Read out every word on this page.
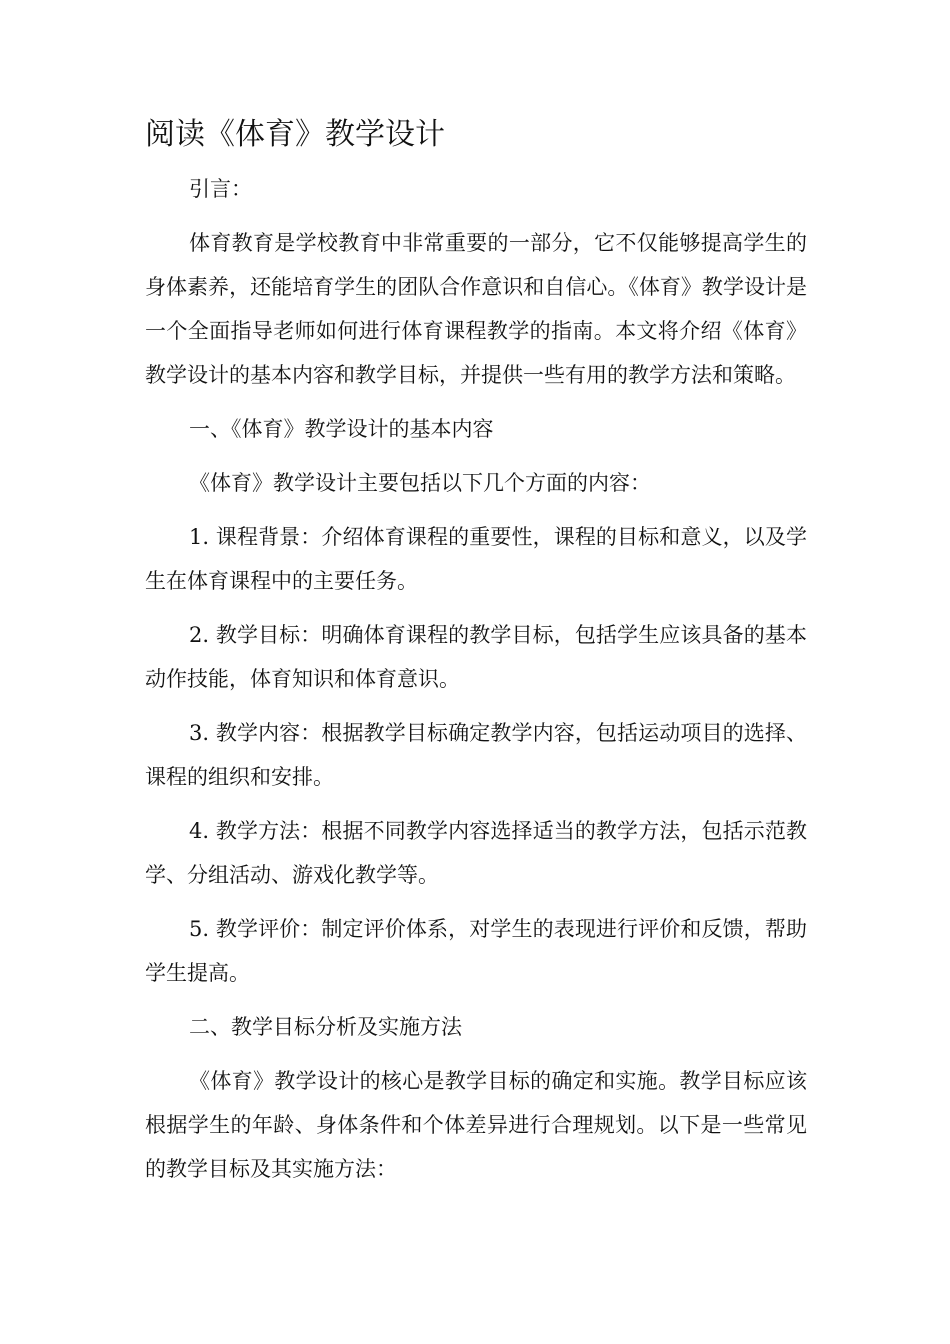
阅读《体育》教学设计

引言：

体育教育是学校教育中非常重要的一部分，它不仅能够提高学生的身体素养，还能培育学生的团队合作意识和自信心。《体育》教学设计是一个全面指导老师如何进行体育课程教学的指南。本文将介绍《体育》教学设计的基本内容和教学目标，并提供一些有用的教学方法和策略。

一、《体育》教学设计的基本内容

《体育》教学设计主要包括以下几个方面的内容：

1. 课程背景：介绍体育课程的重要性，课程的目标和意义，以及学生在体育课程中的主要任务。

2. 教学目标：明确体育课程的教学目标，包括学生应该具备的基本动作技能，体育知识和体育意识。

3. 教学内容：根据教学目标确定教学内容，包括运动项目的选择、课程的组织和安排。

4. 教学方法：根据不同教学内容选择适当的教学方法，包括示范教学、分组活动、游戏化教学等。

5. 教学评价：制定评价体系，对学生的表现进行评价和反馈，帮助学生提高。

二、教学目标分析及实施方法

《体育》教学设计的核心是教学目标的确定和实施。教学目标应该根据学生的年龄、身体条件和个体差异进行合理规划。以下是一些常见的教学目标及其实施方法：
